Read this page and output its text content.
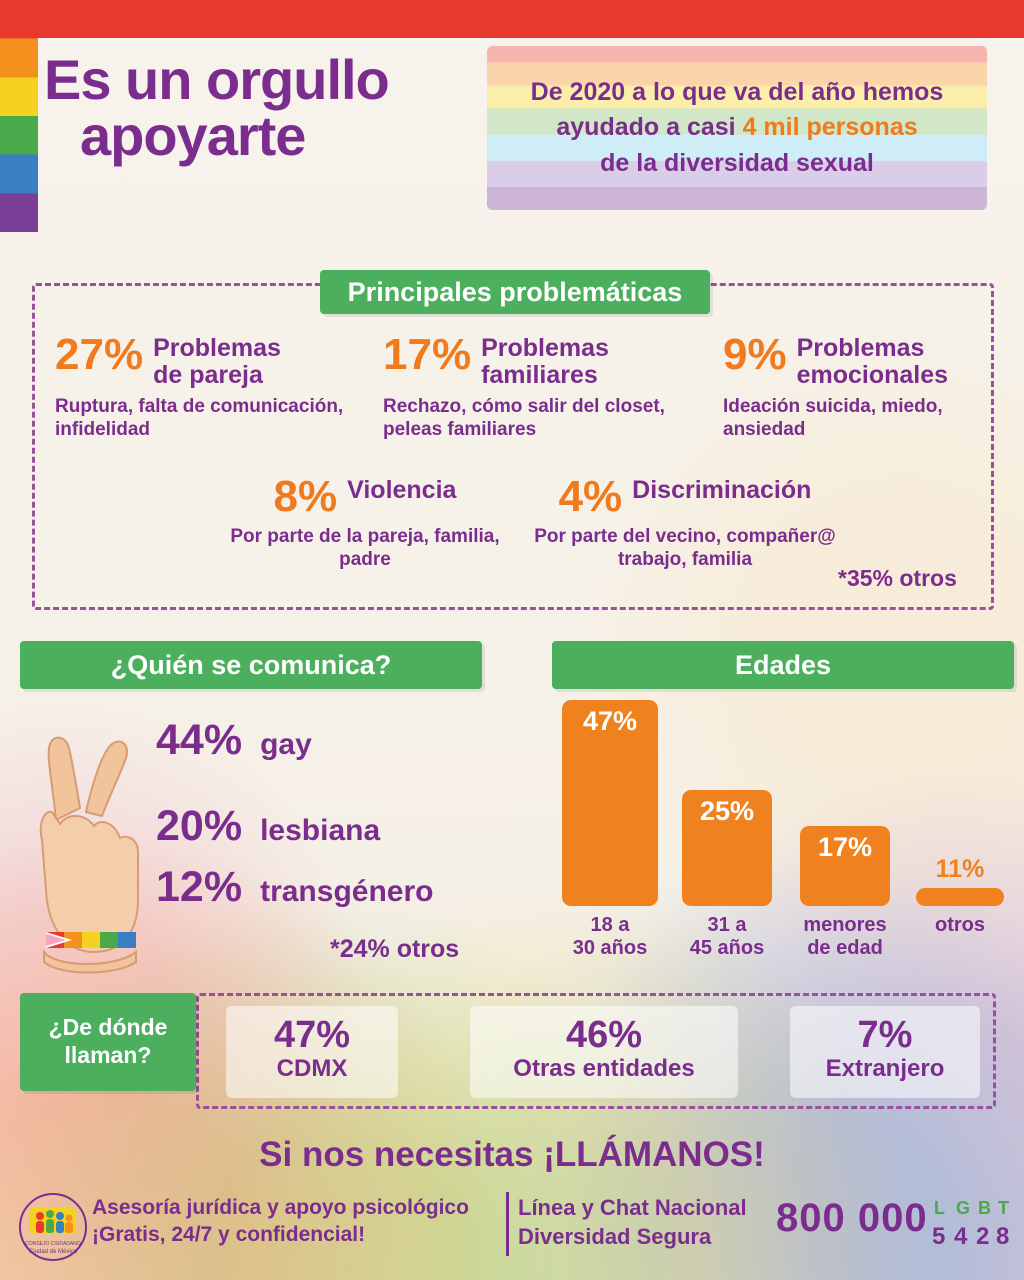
Es un orgullo
apoyarte
De 2020 a lo que va del año hemos
ayudado a casi 4 mil personas
de la diversidad sexual
Principales problemáticas
27% Problemas
de pareja
Ruptura, falta de comunicación, infidelidad
17% Problemas
familiares
Rechazo, cómo salir del closet, peleas familiares
9% Problemas
emocionales
Ideación suicida, miedo, ansiedad
8% Violencia
Por parte de la pareja, familia, padre
4% Discriminación
Por parte del vecino, compañer@ trabajo, familia
*35% otros
¿Quién se comunica?	Edades
44% gay
20% lesbiana
12% transgénero
*24% otros
47%
18 a
30 años
25%
31 a
45 años
17%
menores
de edad
11%
otros
¿De dónde
llaman?	47%
CDMX
46%
Otras entidades
7%
Extranjero
Si nos necesitas ¡LLÁMANOS!
CONSEJO CIUDADANO
Ciudad de México
Asesoría jurídica y apoyo psicológico
¡Gratis, 24/7 y confidencial!
Línea y Chat Nacional
Diversidad Segura	800 000 L G B T
5 4 2 8
